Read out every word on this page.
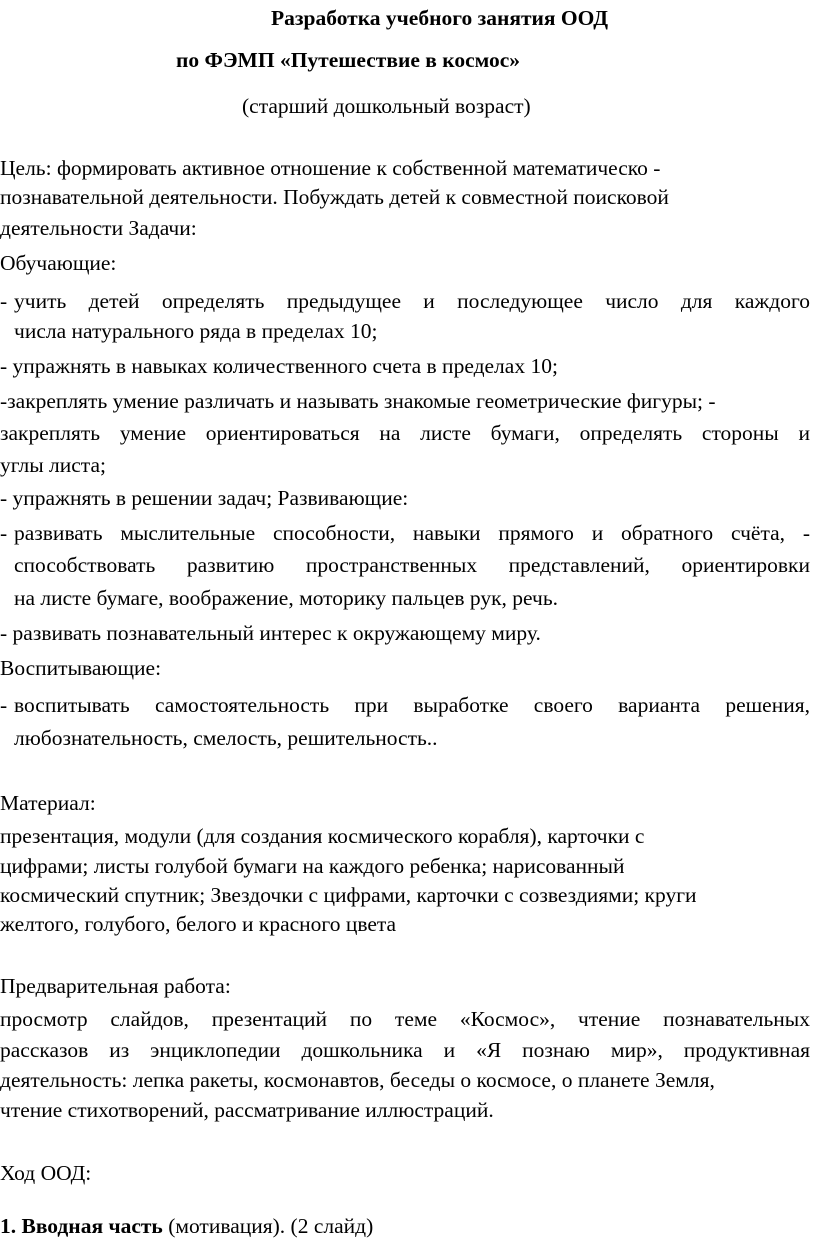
Разработка учебного занятия ООД
по ФЭМП «Путешествие в космос»
(старший дошкольный возраст)
Цель: формировать активное отношение к собственной математическо -
познавательной деятельности. Побуждать детей к совместной поисковой
деятельности Задачи:
Обучающие:
- учить детей определять предыдущее и последующее число для каждого
числа натурального ряда в пределах 10;
- упражнять в навыках количественного счета в пределах 10;
-закреплять умение различать и называть знакомые геометрические фигуры; -
закреплять умение ориентироваться на листе бумаги, определять стороны и
углы листа;
- упражнять в решении задач; Развивающие:
- развивать мыслительные способности, навыки прямого и обратного счёта, -
способствовать развитию пространственных представлений, ориентировки
на листе бумаге, воображение, моторику пальцев рук, речь.
- развивать познавательный интерес к окружающему миру.
Воспитывающие:
- воспитывать самостоятельность при выработке своего варианта решения,
любознательность, смелость, решительность..
Материал:
презентация, модули (для создания космического корабля), карточки с
цифрами; листы голубой бумаги на каждого ребенка; нарисованный
космический спутник; Звездочки с цифрами, карточки с созвездиями; круги
желтого, голубого, белого и красного цвета
Предварительная работа:
просмотр слайдов, презентаций по теме «Космос», чтение познавательных
рассказов из энциклопедии дошкольника и «Я познаю мир», продуктивная
деятельность: лепка ракеты, космонавтов, беседы о космосе, о планете Земля,
чтение стихотворений, рассматривание иллюстраций.
Ход ООД:
1. Вводная часть (мотивация). (2 слайд)
